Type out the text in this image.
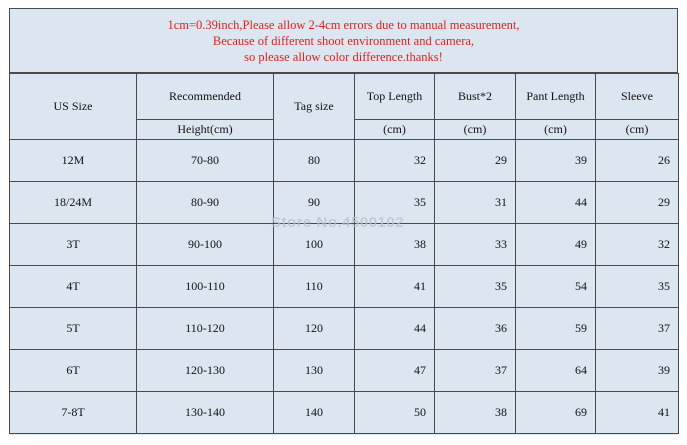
1cm=0.39inch,Please allow 2-4cm errors due to manual measurement,
Because of different shoot environment and camera,
so please allow color difference.thanks!
US Size	Recommended	Tag size	Top Length	Bust*2	Pant Length	Sleeve
	Height(cm)		(cm)	(cm)	(cm)	(cm)
12M	70-80	80	32	29	39	26
18/24M	80-90	90	35	31	44	29
3T	90-100	100	38	33	49	32
4T	100-110	110	41	35	54	35
5T	110-120	120	44	36	59	37
6T	120-130	130	47	37	64	39
7-8T	130-140	140	50	38	69	41
Store No.4500102
